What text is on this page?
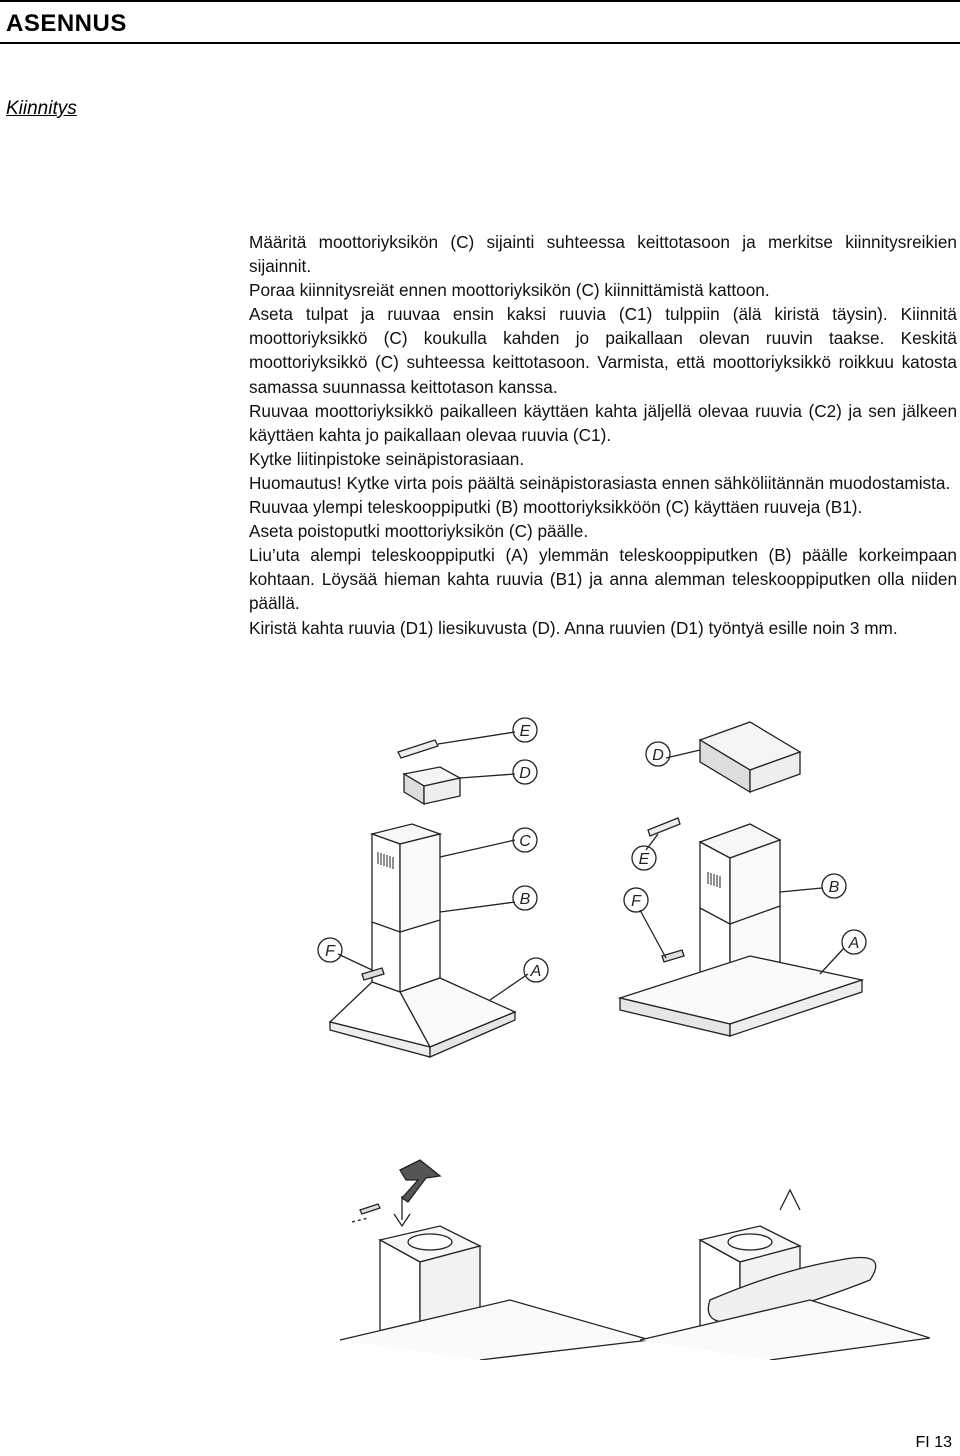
ASENNUS
Kiinnitys

Määritä moottoriyksikön (C) sijainti suhteessa keittotasoon ja merkitse kiinnitysreikien sijainnit.

Poraa kiinnitysreiät ennen moottoriyksikön (C) kiinnittämistä kattoon.

Aseta tulpat ja ruuvaa ensin kaksi ruuvia (C1) tulppiin (älä kiristä täysin). Kiinnitä moottoriyksikkö (C) koukulla kahden jo paikallaan olevan ruuvin taakse. Keskitä moottoriyksikkö (C) suhteessa keittotasoon. Varmista, että moottoriyksikkö roikkuu katosta samassa suunnassa keittotason kanssa.

Ruuvaa moottoriyksikkö paikalleen käyttäen kahta jäljellä olevaa ruuvia (C2) ja sen jälkeen käyttäen kahta jo paikallaan olevaa ruuvia (C1).

Kytke liitinpistoke seinäpistorasiaan.

Huomautus! Kytke virta pois päältä seinäpistorasiasta ennen sähköliitännän muodostamista.

Ruuvaa ylempi teleskooppiputki (B) moottoriyksikköön (C) käyttäen ruuveja (B1).

Aseta poistoputki moottoriyksikön (C) päälle.

Liu’uta alempi teleskooppiputki (A) ylemmän teleskooppiputken (B) päälle korkeimpaan kohtaan. Löysää hieman kahta ruuvia (B1) ja anna alemman teleskooppiputken olla niiden päällä.

Kiristä kahta ruuvia (D1) liesikuvusta (D). Anna ruuvien (D1) työntyä esille noin 3 mm.

E
D
C
B
F
A
D
E
F
B
A
FI 13
